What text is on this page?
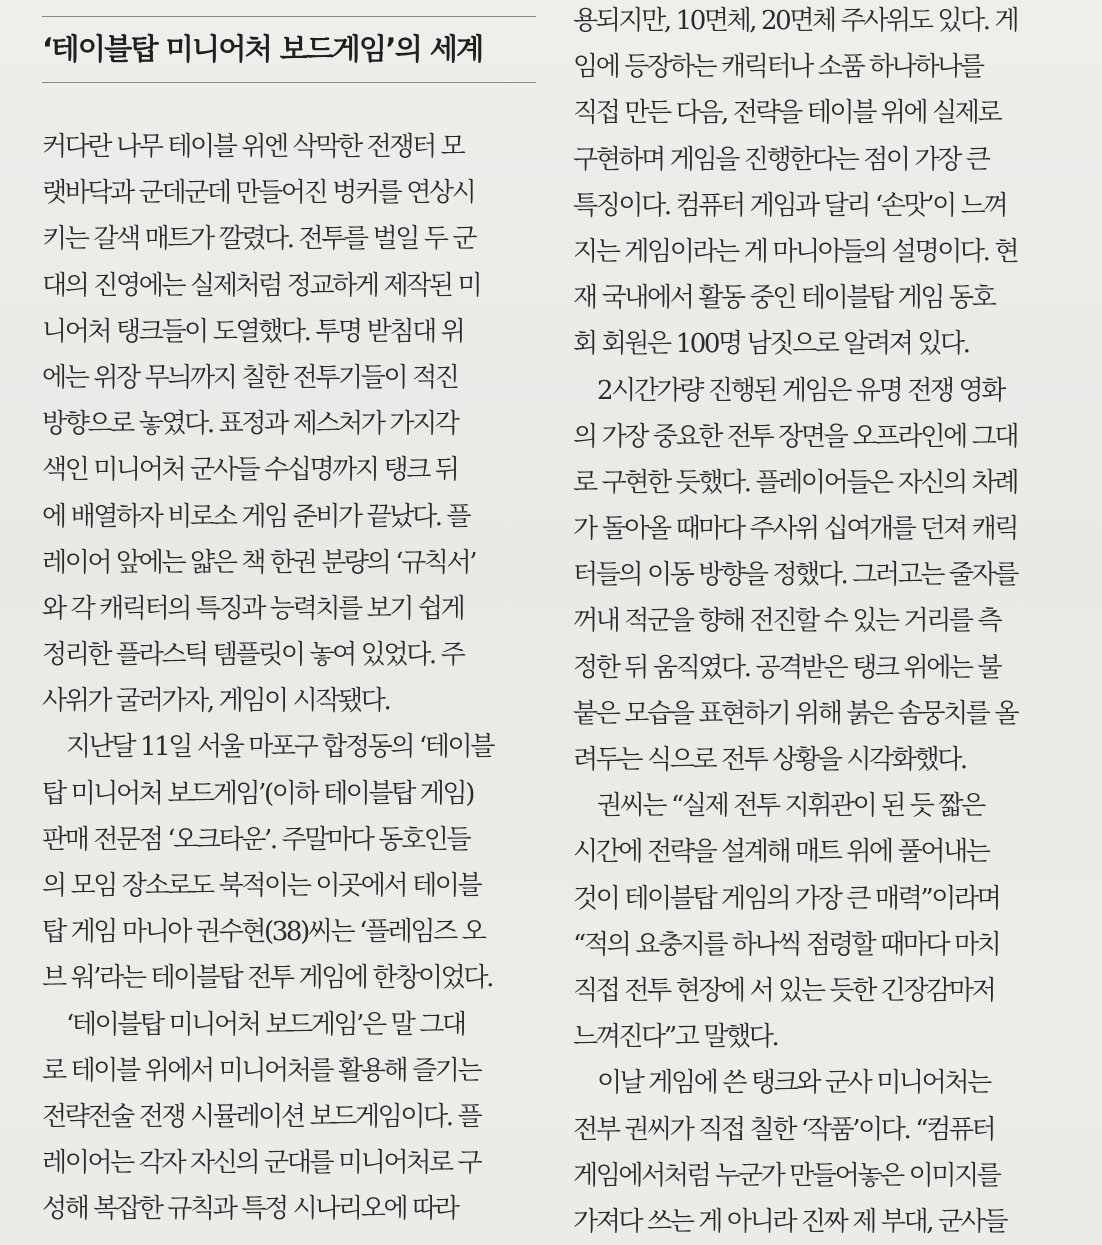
‘테이블탑 미니어처 보드게임’의 세계
커다란 나무 테이블 위엔 삭막한 전쟁터 모
랫바닥과 군데군데 만들어진 벙커를 연상시
키는 갈색 매트가 깔렸다. 전투를 벌일 두 군
대의 진영에는 실제처럼 정교하게 제작된 미
니어처 탱크들이 도열했다. 투명 받침대 위
에는 위장 무늬까지 칠한 전투기들이 적진
방향으로 놓였다. 표정과 제스처가 가지각
색인 미니어처 군사들 수십명까지 탱크 뒤
에 배열하자 비로소 게임 준비가 끝났다. 플
레이어 앞에는 얇은 책 한권 분량의 ‘규칙서’
와 각 캐릭터의 특징과 능력치를 보기 쉽게
정리한 플라스틱 템플릿이 놓여 있었다. 주
사위가 굴러가자, 게임이 시작됐다.
지난달 11일 서울 마포구 합정동의 ‘테이블
탑 미니어처 보드게임’(이하 테이블탑 게임)
판매 전문점 ‘오크타운’. 주말마다 동호인들
의 모임 장소로도 북적이는 이곳에서 테이블
탑 게임 마니아 권수현(38)씨는 ‘플레임즈 오
브 워’라는 테이블탑 전투 게임에 한창이었다.
‘테이블탑 미니어처 보드게임’은 말 그대
로 테이블 위에서 미니어처를 활용해 즐기는
전략전술 전쟁 시뮬레이션 보드게임이다. 플
레이어는 각자 자신의 군대를 미니어처로 구
성해 복잡한 규칙과 특정 시나리오에 따라
용되지만, 10면체, 20면체 주사위도 있다. 게
임에 등장하는 캐릭터나 소품 하나하나를
직접 만든 다음, 전략을 테이블 위에 실제로
구현하며 게임을 진행한다는 점이 가장 큰
특징이다. 컴퓨터 게임과 달리 ‘손맛’이 느껴
지는 게임이라는 게 마니아들의 설명이다. 현
재 국내에서 활동 중인 테이블탑 게임 동호
회 회원은 100명 남짓으로 알려져 있다.
2시간가량 진행된 게임은 유명 전쟁 영화
의 가장 중요한 전투 장면을 오프라인에 그대
로 구현한 듯했다. 플레이어들은 자신의 차례
가 돌아올 때마다 주사위 십여개를 던져 캐릭
터들의 이동 방향을 정했다. 그러고는 줄자를
꺼내 적군을 향해 전진할 수 있는 거리를 측
정한 뒤 움직였다. 공격받은 탱크 위에는 불
붙은 모습을 표현하기 위해 붉은 솜뭉치를 올
려두는 식으로 전투 상황을 시각화했다.
권씨는 “실제 전투 지휘관이 된 듯 짧은
시간에 전략을 설계해 매트 위에 풀어내는
것이 테이블탑 게임의 가장 큰 매력”이라며
“적의 요충지를 하나씩 점령할 때마다 마치
직접 전투 현장에 서 있는 듯한 긴장감마저
느껴진다”고 말했다.
이날 게임에 쓴 탱크와 군사 미니어처는
전부 권씨가 직접 칠한 ‘작품’이다. “컴퓨터
게임에서처럼 누군가 만들어놓은 이미지를
가져다 쓰는 게 아니라 진짜 제 부대, 군사들
